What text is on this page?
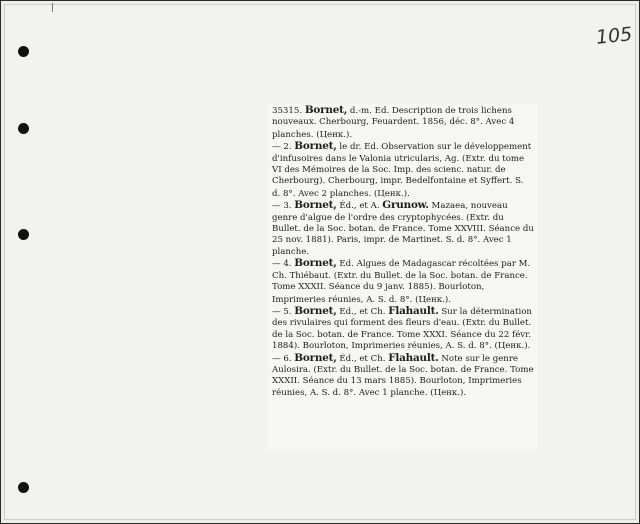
105

35315. Bornet, d.-m. Ed. Description de trois lichens nouveaux. Cherbourg, Feuardent. 1856, déc. 8°. Avec 4 planches. (Ценк.).

— 2. Bornet, le dr. Ed. Observation sur le développement d'infusoires dans le Valonia utricularis, Ag. (Extr. du tome VI des Mémoires de la Soc. Imp. des scienc. natur. de Cherbourg). Cherbourg, impr. Bedelfontaine et Syffert. S. d. 8°. Avec 2 planches. (Ценк.).

— 3. Bornet, Éd., et A. Grunow. Mazaea, nouveau genre d'algue de l'ordre des cryptophycées. (Extr. du Bullet. de la Soc. botan. de France. Tome XXVIII. Séance du 25 nov. 1881). Paris, impr. de Martinet. S. d. 8°. Avec 1 planche.

— 4. Bornet, Ed. Algues de Madagascar récoltées par M. Ch. Thiébaut. (Extr. du Bullet. de la Soc. botan. de France. Tome XXXII. Séance du 9 janv. 1885). Bourloton, Imprimeries réunies, A. S. d. 8°. (Ценк.).

— 5. Bornet, Ed., et Ch. Flahault. Sur la détermination des rivulaires qui forment des fleurs d'eau. (Extr. du Bullet. de la Soc. botan. de France. Tome XXXI. Séance du 22 févr. 1884). Bourloton, Imprimeries réunies, A. S. d. 8°. (Ценк.).

— 6. Bornet, Éd., et Ch. Flahault. Note sur le genre Aulosira. (Extr. du Bullet. de la Soc. botan. de France. Tome XXXII. Séance du 13 mars 1885). Bourloton, Imprimeries réunies, A. S. d. 8°. Avec 1 planche. (Ценк.).
